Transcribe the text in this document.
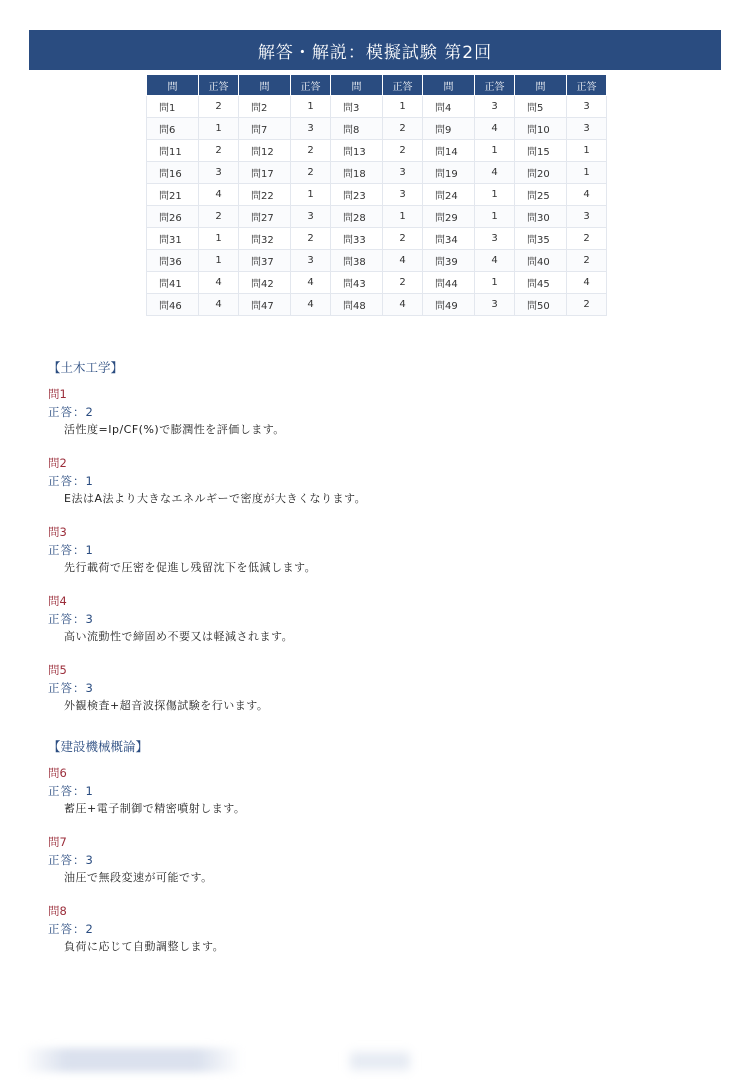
解答・解説：模擬試験 第2回
問	正答	問	正答	問	正答	問	正答	問	正答
問1	2	問2	1	問3	1	問4	3	問5	3
問6	1	問7	3	問8	2	問9	4	問10	3
問11	2	問12	2	問13	2	問14	1	問15	1
問16	3	問17	2	問18	3	問19	4	問20	1
問21	4	問22	1	問23	3	問24	1	問25	4
問26	2	問27	3	問28	1	問29	1	問30	3
問31	1	問32	2	問33	2	問34	3	問35	2
問36	1	問37	3	問38	4	問39	4	問40	2
問41	4	問42	4	問43	2	問44	1	問45	4
問46	4	問47	4	問48	4	問49	3	問50	2
【土木工学】
問1
正答：2
活性度=Ip/CF(%)で膨潤性を評価します。
問2
正答：1
E法はA法より大きなエネルギーで密度が大きくなります。
問3
正答：1
先行載荷で圧密を促進し残留沈下を低減します。
問4
正答：3
高い流動性で締固め不要又は軽減されます。
問5
正答：3
外観検査+超音波探傷試験を行います。
【建設機械概論】
問6
正答：1
蓄圧+電子制御で精密噴射します。
問7
正答：3
油圧で無段変速が可能です。
問8
正答：2
負荷に応じて自動調整します。
